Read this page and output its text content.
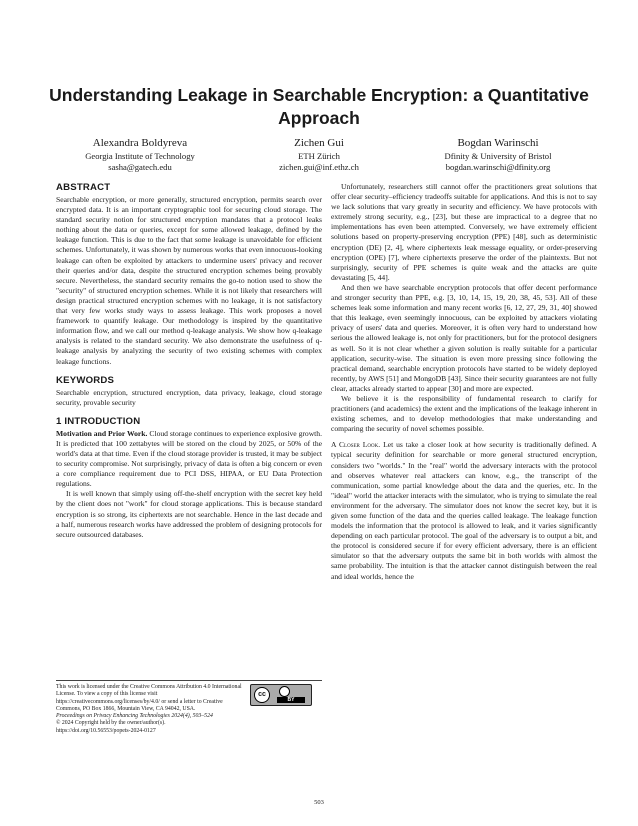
Understanding Leakage in Searchable Encryption: a Quantitative Approach
Alexandra Boldyreva
Georgia Institute of Technology
sasha@gatech.edu
Zichen Gui
ETH Zürich
zichen.gui@inf.ethz.ch
Bogdan Warinschi
Dfinity & University of Bristol
bogdan.warinschi@dfinity.org
ABSTRACT

Searchable encryption, or more generally, structured encryption, permits search over encrypted data. It is an important cryptographic tool for securing cloud storage. The standard security notion for structured encryption mandates that a protocol leaks nothing about the data or queries, except for some allowed leakage, defined by the leakage function. This is due to the fact that some leakage is unavoidable for efficient schemes. Unfortunately, it was shown by numerous works that even innocuous-looking leakage can often be exploited by attackers to undermine users' privacy and recover their queries and/or data, despite the structured encryption schemes being provably secure. Nevertheless, the standard security remains the go-to notion used to show the "security" of structured encryption schemes. While it is not likely that researchers will design practical structured encryption schemes with no leakage, it is not satisfactory that very few works study ways to assess leakage. This work proposes a novel framework to quantify leakage. Our methodology is inspired by the quantitative information flow, and we call our method q-leakage analysis. We show how q-leakage analysis is related to the standard security. We also demonstrate the usefulness of q-leakage analysis by analyzing the security of two existing schemes with complex leakage functions.

KEYWORDS

Searchable encryption, structured encryption, data privacy, leakage, cloud storage security, provable security

1 INTRODUCTION

Motivation and Prior Work. Cloud storage continues to experience explosive growth. It is predicted that 100 zettabytes will be stored on the cloud by 2025, or 50% of the world's data at that time. Even if the cloud storage provider is trusted, it may be subject to security compromise. Not surprisingly, privacy of data is often a big concern or even a core compliance requirement due to PCI DSS, HIPAA, or EU Data Protection regulations.

It is well known that simply using off-the-shelf encryption with the secret key held by the client does not "work" for cloud storage applications. This is because standard encryption is so strong, its ciphertexts are not searchable. Hence in the last decade and a half, numerous research works have addressed the problem of designing protocols for secure outsourced databases.

This work is licensed under the Creative Commons Attribution 4.0 International License. To view a copy of this license visit https://creativecommons.org/licenses/by/4.0/ or send a letter to Creative Commons, PO Box 1866, Mountain View, CA 94042, USA.
cc
BY
Proceedings on Privacy Enhancing Technologies 2024(4), 503–524
© 2024 Copyright held by the owner/author(s).
https://doi.org/10.56553/popets-2024-0127

Unfortunately, researchers still cannot offer the practitioners great solutions that offer clear security–efficiency tradeoffs suitable for applications. And this is not to say we lack solutions that vary greatly in security and efficiency. We have protocols with extremely strong security, e.g., [23], but these are impractical to a degree that no implementations has even been attempted. Conversely, we have extremely efficient solutions based on property-preserving encryption (PPE) [48], such as deterministic encryption (DE) [2, 4], where ciphertexts leak message equality, or order-preserving encryption (OPE) [7], where ciphertexts preserve the order of the plaintexts. But not surprisingly, security of PPE schemes is quite weak and the attacks are quite devastating [5, 44].

And then we have searchable encryption protocols that offer decent performance and stronger security than PPE, e.g. [3, 10, 14, 15, 19, 20, 38, 45, 53]. All of these schemes leak some information and many recent works [6, 12, 27, 29, 31, 40] showed that this leakage, even seemingly innocuous, can be exploited by attackers violating privacy of users' data and queries. Moreover, it is often very hard to understand how serious the allowed leakage is, not only for practitioners, but for the protocol designers as well. So it is not clear whether a given solution is really suitable for a particular application, security-wise. The situation is even more pressing since following the practical demand, searchable encryption protocols have started to be widely deployed recently, by AWS [51] and MongoDB [43]. Since their security guarantees are not fully clear, attacks already started to appear [30] and more are expected.

We believe it is the responsibility of fundamental research to clarify for practitioners (and academics) the extent and the implications of the leakage inherent in existing schemes, and to develop methodologies that make understanding and comparing the security of novel schemes possible.

A Closer Look. Let us take a closer look at how security is traditionally defined. A typical security definition for searchable or more general structured encryption, considers two "worlds." In the "real" world the adversary interacts with the protocol and observes whatever real attackers can know, e.g., the transcript of the communication, some partial knowledge about the data and the queries, etc. In the "ideal" world the attacker interacts with the simulator, who is trying to simulate the real environment for the adversary. The simulator does not know the secret key, but it is given some function of the data and the queries called leakage. The leakage function models the information that the protocol is allowed to leak, and it varies significantly depending on each particular protocol. The goal of the adversary is to output a bit, and the protocol is considered secure if for every efficient adversary, there is an efficient simulator so that the adversary outputs the same bit in both worlds with almost the same probability. The intuition is that the attacker cannot distinguish between the real and ideal worlds, hence the

503
